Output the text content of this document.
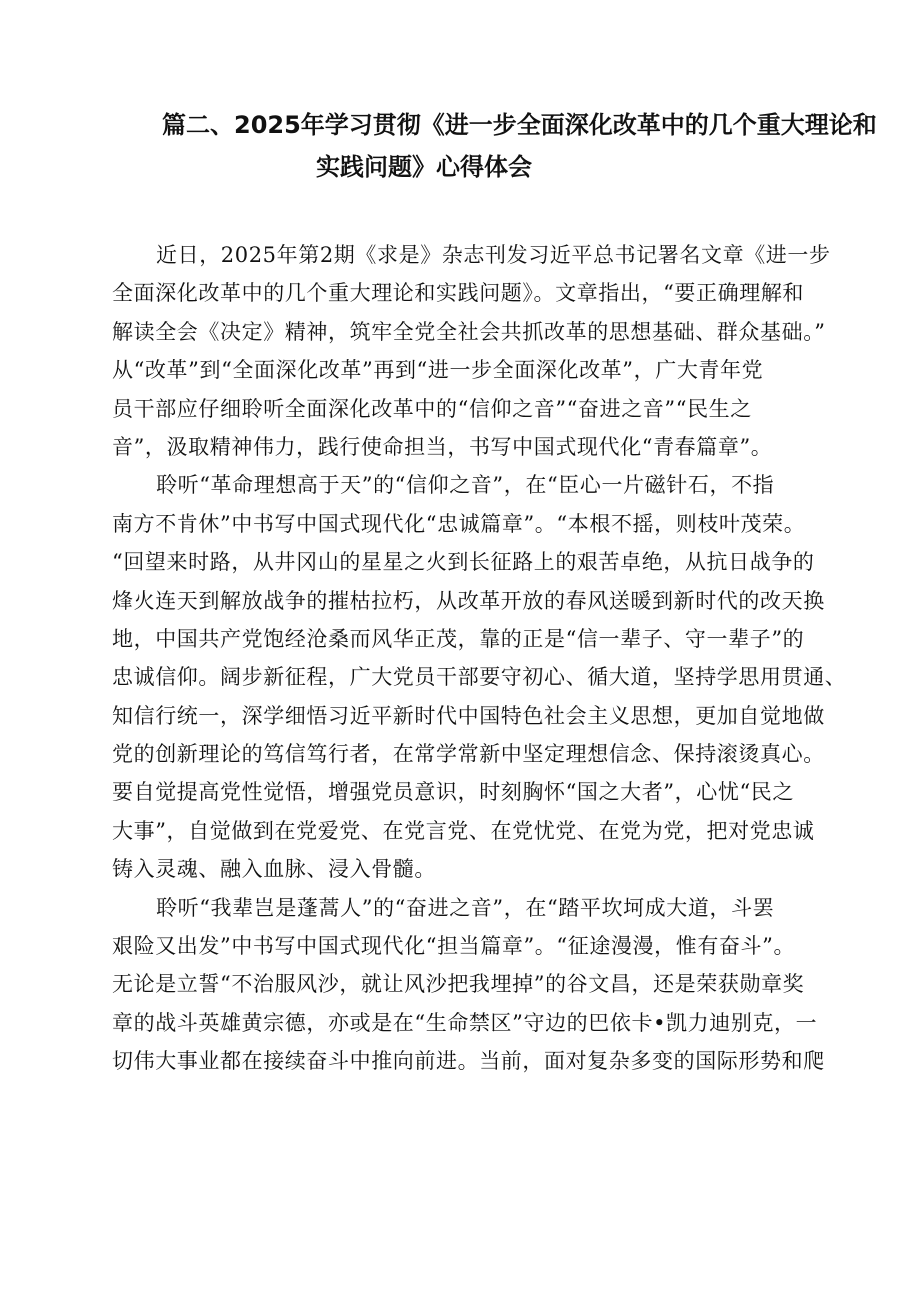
篇二、2025年学习贯彻《进一步全面深化改革中的几个重大理论和
实践问题》心得体会
近日，2025年第2期《求是》杂志刊发习近平总书记署名文章《进一步
全面深化改革中的几个重大理论和实践问题》。文章指出，“要正确理解和
解读全会《决定》精神，筑牢全党全社会共抓改革的思想基础、群众基础。”
从“改革”到“全面深化改革”再到“进一步全面深化改革”，广大青年党
员干部应仔细聆听全面深化改革中的“信仰之音”“奋进之音”“民生之
音”，汲取精神伟力，践行使命担当，书写中国式现代化“青春篇章”。
聆听“革命理想高于天”的“信仰之音”，在“臣心一片磁针石，不指
南方不肯休”中书写中国式现代化“忠诚篇章”。“本根不摇，则枝叶茂荣。
“回望来时路，从井冈山的星星之火到长征路上的艰苦卓绝，从抗日战争的
烽火连天到解放战争的摧枯拉朽，从改革开放的春风送暖到新时代的改天换
地，中国共产党饱经沧桑而风华正茂，靠的正是“信一辈子、守一辈子”的
忠诚信仰。阔步新征程，广大党员干部要守初心、循大道，坚持学思用贯通、
知信行统一，深学细悟习近平新时代中国特色社会主义思想，更加自觉地做
党的创新理论的笃信笃行者，在常学常新中坚定理想信念、保持滚烫真心。
要自觉提高党性觉悟，增强党员意识，时刻胸怀“国之大者”，心忧“民之
大事”，自觉做到在党爱党、在党言党、在党忧党、在党为党，把对党忠诚
铸入灵魂、融入血脉、浸入骨髓。
聆听“我辈岂是蓬蒿人”的“奋进之音”，在“踏平坎坷成大道，斗罢
艰险又出发”中书写中国式现代化“担当篇章”。“征途漫漫，惟有奋斗”。
无论是立誓“不治服风沙，就让风沙把我埋掉”的谷文昌，还是荣获勋章奖
章的战斗英雄黄宗德，亦或是在“生命禁区”守边的巴依卡•凯力迪别克，一
切伟大事业都在接续奋斗中推向前进。当前，面对复杂多变的国际形势和爬
